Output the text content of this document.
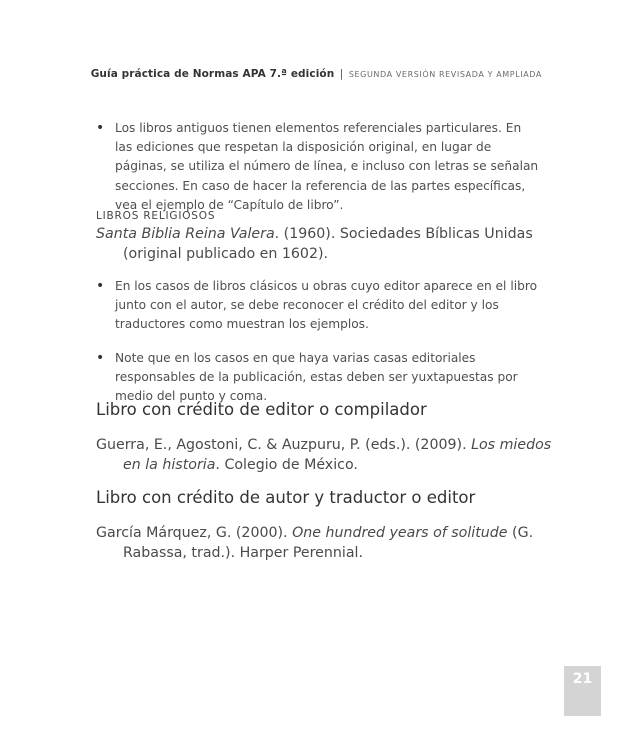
Guía práctica de Normas APA 7.ª edición | SEGUNDA VERSIÓN REVISADA Y AMPLIADA
• Los libros antiguos tienen elementos referenciales particulares. En las ediciones que respetan la disposición original, en lugar de páginas, se utiliza el número de línea, e incluso con letras se señalan secciones. En caso de hacer la referencia de las partes específicas, vea el ejemplo de “Capítulo de libro”.
LIBROS RELIGIOSOS
Santa Biblia Reina Valera. (1960). Sociedades Bíblicas Unidas (original publicado en 1602).
• En los casos de libros clásicos u obras cuyo editor aparece en el libro junto con el autor, se debe reconocer el crédito del editor y los traductores como muestran los ejemplos.
• Note que en los casos en que haya varias casas editoriales responsables de la publicación, estas deben ser yuxtapuestas por medio del punto y coma.
Libro con crédito de editor o compilador
Guerra, E., Agostoni, C. & Auzpuru, P. (eds.). (2009). Los miedos en la historia. Colegio de México.
Libro con crédito de autor y traductor o editor
García Márquez, G. (2000). One hundred years of solitude (G. Rabassa, trad.). Harper Perennial.
21
